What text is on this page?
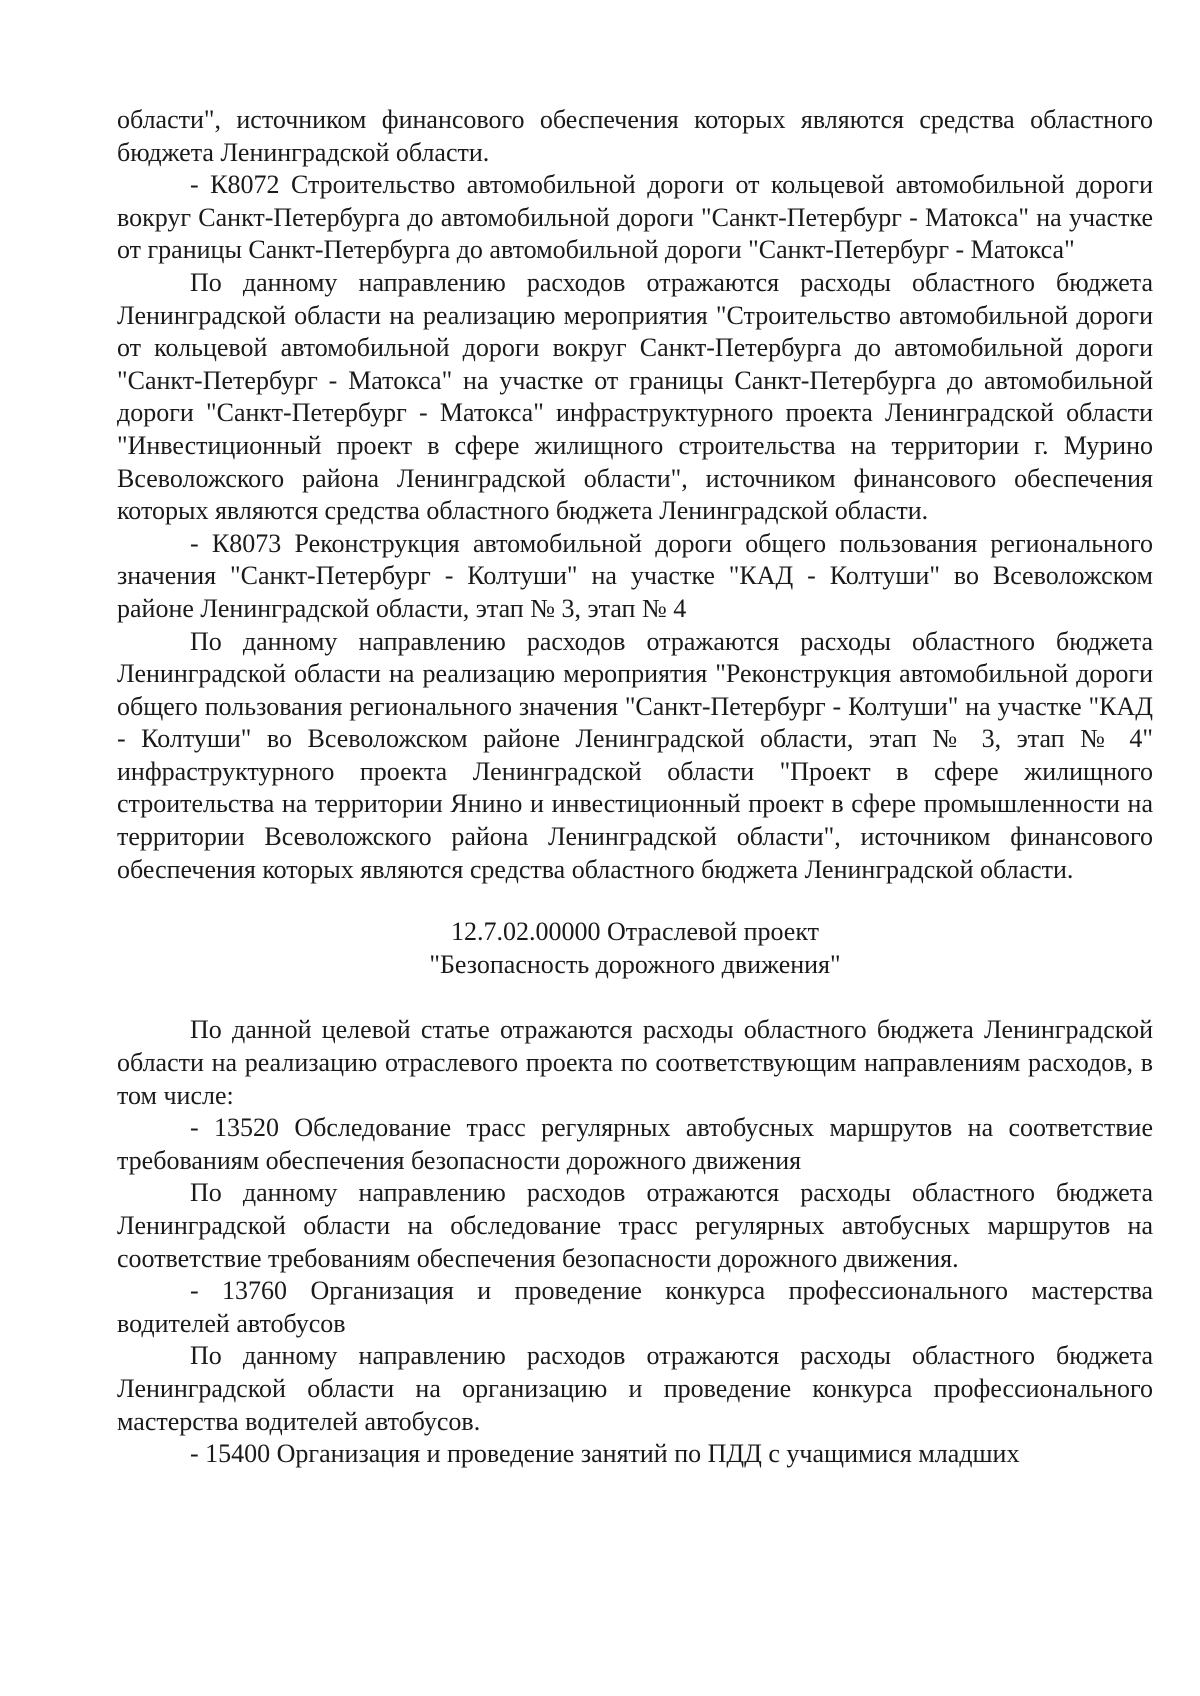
области", источником финансового обеспечения которых являются средства областного бюджета Ленинградской области.

- К8072 Строительство автомобильной дороги от кольцевой автомобильной дороги вокруг Санкт-Петербурга до автомобильной дороги "Санкт-Петербург - Матокса" на участке от границы Санкт-Петербурга до автомобильной дороги "Санкт-Петербург - Матокса"

По данному направлению расходов отражаются расходы областного бюджета Ленинградской области на реализацию мероприятия "Строительство автомобильной дороги от кольцевой автомобильной дороги вокруг Санкт-Петербурга до автомобильной дороги "Санкт-Петербург - Матокса" на участке от границы Санкт-Петербурга до автомобильной дороги "Санкт-Петербург - Матокса" инфраструктурного проекта Ленинградской области "Инвестиционный проект в сфере жилищного строительства на территории г. Мурино Всеволожского района Ленинградской области", источником финансового обеспечения которых являются средства областного бюджета Ленинградской области.

- К8073 Реконструкция автомобильной дороги общего пользования регионального значения "Санкт-Петербург - Колтуши" на участке "КАД - Колтуши" во Всеволожском районе Ленинградской области, этап № 3, этап № 4

По данному направлению расходов отражаются расходы областного бюджета Ленинградской области на реализацию мероприятия "Реконструкция автомобильной дороги общего пользования регионального значения "Санкт-Петербург - Колтуши" на участке "КАД - Колтуши" во Всеволожском районе Ленинградской области, этап № 3, этап № 4" инфраструктурного проекта Ленинградской области "Проект в сфере жилищного строительства на территории Янино и инвестиционный проект в сфере промышленности на территории Всеволожского района Ленинградской области", источником финансового обеспечения которых являются средства областного бюджета Ленинградской области.

12.7.02.00000 Отраслевой проект
"Безопасность дорожного движения"

По данной целевой статье отражаются расходы областного бюджета Ленинградской области на реализацию отраслевого проекта по соответствующим направлениям расходов, в том числе:

- 13520 Обследование трасс регулярных автобусных маршрутов на соответствие требованиям обеспечения безопасности дорожного движения

По данному направлению расходов отражаются расходы областного бюджета Ленинградской области на обследование трасс регулярных автобусных маршрутов на соответствие требованиям обеспечения безопасности дорожного движения.

- 13760 Организация и проведение конкурса профессионального мастерства водителей автобусов

По данному направлению расходов отражаются расходы областного бюджета Ленинградской области на организацию и проведение конкурса профессионального мастерства водителей автобусов.

- 15400 Организация и проведение занятий по ПДД с учащимися младших
